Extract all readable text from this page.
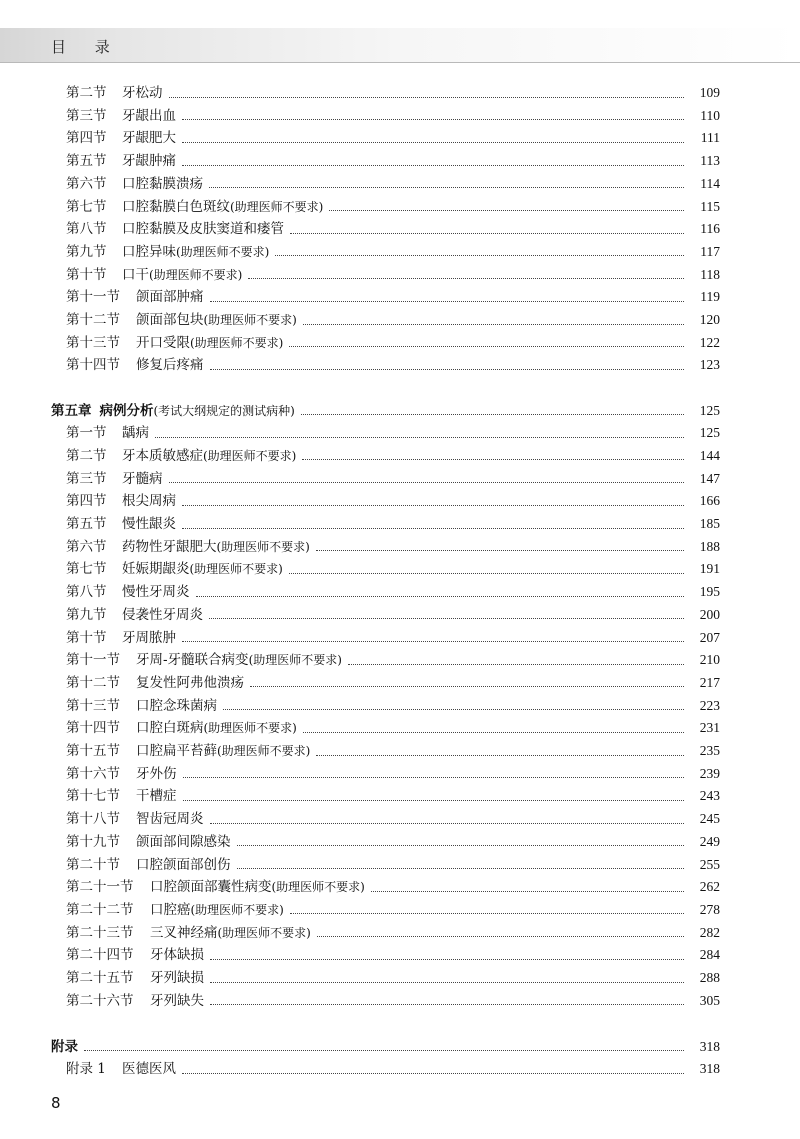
目 录
第二节	牙松动	109
第三节	牙龈出血	110
第四节	牙龈肥大	111
第五节	牙龈肿痛	113
第六节	口腔黏膜溃疡	114
第七节	口腔黏膜白色斑纹(助理医师不要求)	115
第八节	口腔黏膜及皮肤窦道和瘘管	116
第九节	口腔异味(助理医师不要求)	117
第十节	口干(助理医师不要求)	118
第十一节	颌面部肿痛	119
第十二节	颌面部包块(助理医师不要求)	120
第十三节	开口受限(助理医师不要求)	122
第十四节	修复后疼痛	123
第五章 病例分析(考试大纲规定的测试病种)	125
第一节	龋病	125
第二节	牙本质敏感症(助理医师不要求)	144
第三节	牙髓病	147
第四节	根尖周病	166
第五节	慢性龈炎	185
第六节	药物性牙龈肥大(助理医师不要求)	188
第七节	妊娠期龈炎(助理医师不要求)	191
第八节	慢性牙周炎	195
第九节	侵袭性牙周炎	200
第十节	牙周脓肿	207
第十一节	牙周-牙髓联合病变(助理医师不要求)	210
第十二节	复发性阿弗他溃疡	217
第十三节	口腔念珠菌病	223
第十四节	口腔白斑病(助理医师不要求)	231
第十五节	口腔扁平苔藓(助理医师不要求)	235
第十六节	牙外伤	239
第十七节	干槽症	243
第十八节	智齿冠周炎	245
第十九节	颌面部间隙感染	249
第二十节	口腔颌面部创伤	255
第二十一节	口腔颌面部囊性病变(助理医师不要求)	262
第二十二节	口腔癌(助理医师不要求)	278
第二十三节	三叉神经痛(助理医师不要求)	282
第二十四节	牙体缺损	284
第二十五节	牙列缺损	288
第二十六节	牙列缺失	305
附录	318
附录 1	医德医风	318
8
